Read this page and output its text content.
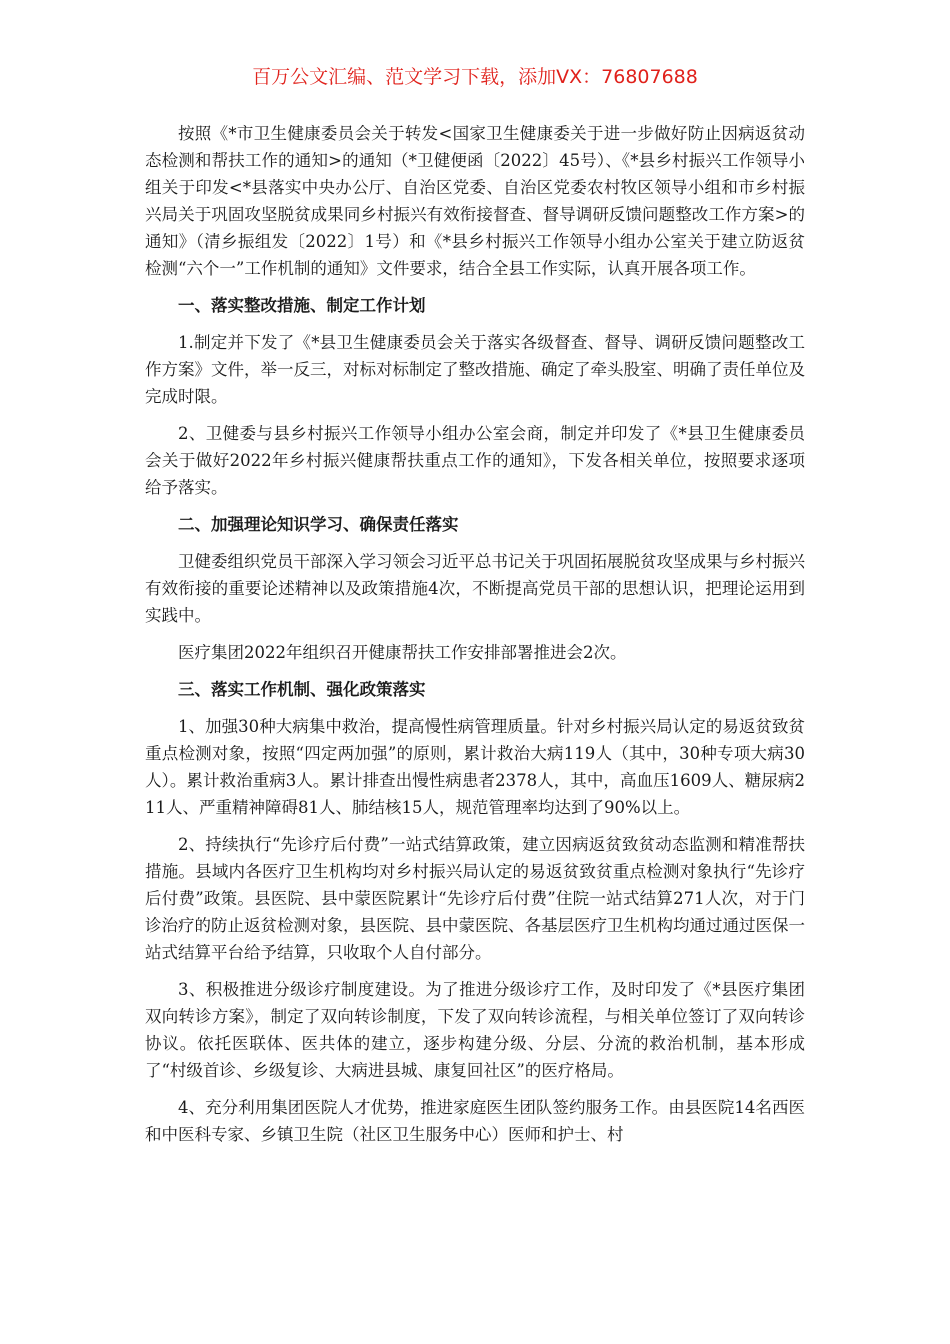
百万公文汇编、范文学习下载，添加VX：76807688

按照《*市卫生健康委员会关于转发<国家卫生健康委关于进一步做好防止因病返贫动态检测和帮扶工作的通知>的通知（*卫健便函〔2022〕45号）、《*县乡村振兴工作领导小组关于印发<*县落实中央办公厅、自治区党委、自治区党委农村牧区领导小组和市乡村振兴局关于巩固攻坚脱贫成果同乡村振兴有效衔接督查、督导调研反馈问题整改工作方案>的通知》（清乡振组发〔2022〕1号）和《*县乡村振兴工作领导小组办公室关于建立防返贫检测“六个一”工作机制的通知》文件要求，结合全县工作实际，认真开展各项工作。

一、落实整改措施、制定工作计划

1.制定并下发了《*县卫生健康委员会关于落实各级督查、督导、调研反馈问题整改工作方案》文件，举一反三，对标对标制定了整改措施、确定了牵头股室、明确了责任单位及完成时限。

2、卫健委与县乡村振兴工作领导小组办公室会商，制定并印发了《*县卫生健康委员会关于做好2022年乡村振兴健康帮扶重点工作的通知》，下发各相关单位，按照要求逐项给予落实。

二、加强理论知识学习、确保责任落实

卫健委组织党员干部深入学习领会习近平总书记关于巩固拓展脱贫攻坚成果与乡村振兴有效衔接的重要论述精神以及政策措施4次，不断提高党员干部的思想认识，把理论运用到实践中。

医疗集团2022年组织召开健康帮扶工作安排部署推进会2次。

三、落实工作机制、强化政策落实

1、加强30种大病集中救治，提高慢性病管理质量。针对乡村振兴局认定的易返贫致贫重点检测对象，按照“四定两加强”的原则，累计救治大病119人（其中，30种专项大病30人）。累计救治重病3人。累计排查出慢性病患者2378人，其中，高血压1609人、糖尿病211人、严重精神障碍81人、肺结核15人，规范管理率均达到了90%以上。

2、持续执行“先诊疗后付费”一站式结算政策，建立因病返贫致贫动态监测和精准帮扶措施。县域内各医疗卫生机构均对乡村振兴局认定的易返贫致贫重点检测对象执行“先诊疗后付费”政策。县医院、县中蒙医院累计“先诊疗后付费”住院一站式结算271人次，对于门诊治疗的防止返贫检测对象，县医院、县中蒙医院、各基层医疗卫生机构均通过通过医保一站式结算平台给予结算，只收取个人自付部分。

3、积极推进分级诊疗制度建设。为了推进分级诊疗工作，及时印发了《*县医疗集团双向转诊方案》，制定了双向转诊制度，下发了双向转诊流程，与相关单位签订了双向转诊协议。依托医联体、医共体的建立，逐步构建分级、分层、分流的救治机制，基本形成了“村级首诊、乡级复诊、大病进县城、康复回社区”的医疗格局。

4、充分利用集团医院人才优势，推进家庭医生团队签约服务工作。由县医院14名西医和中医科专家、乡镇卫生院（社区卫生服务中心）医师和护士、村
